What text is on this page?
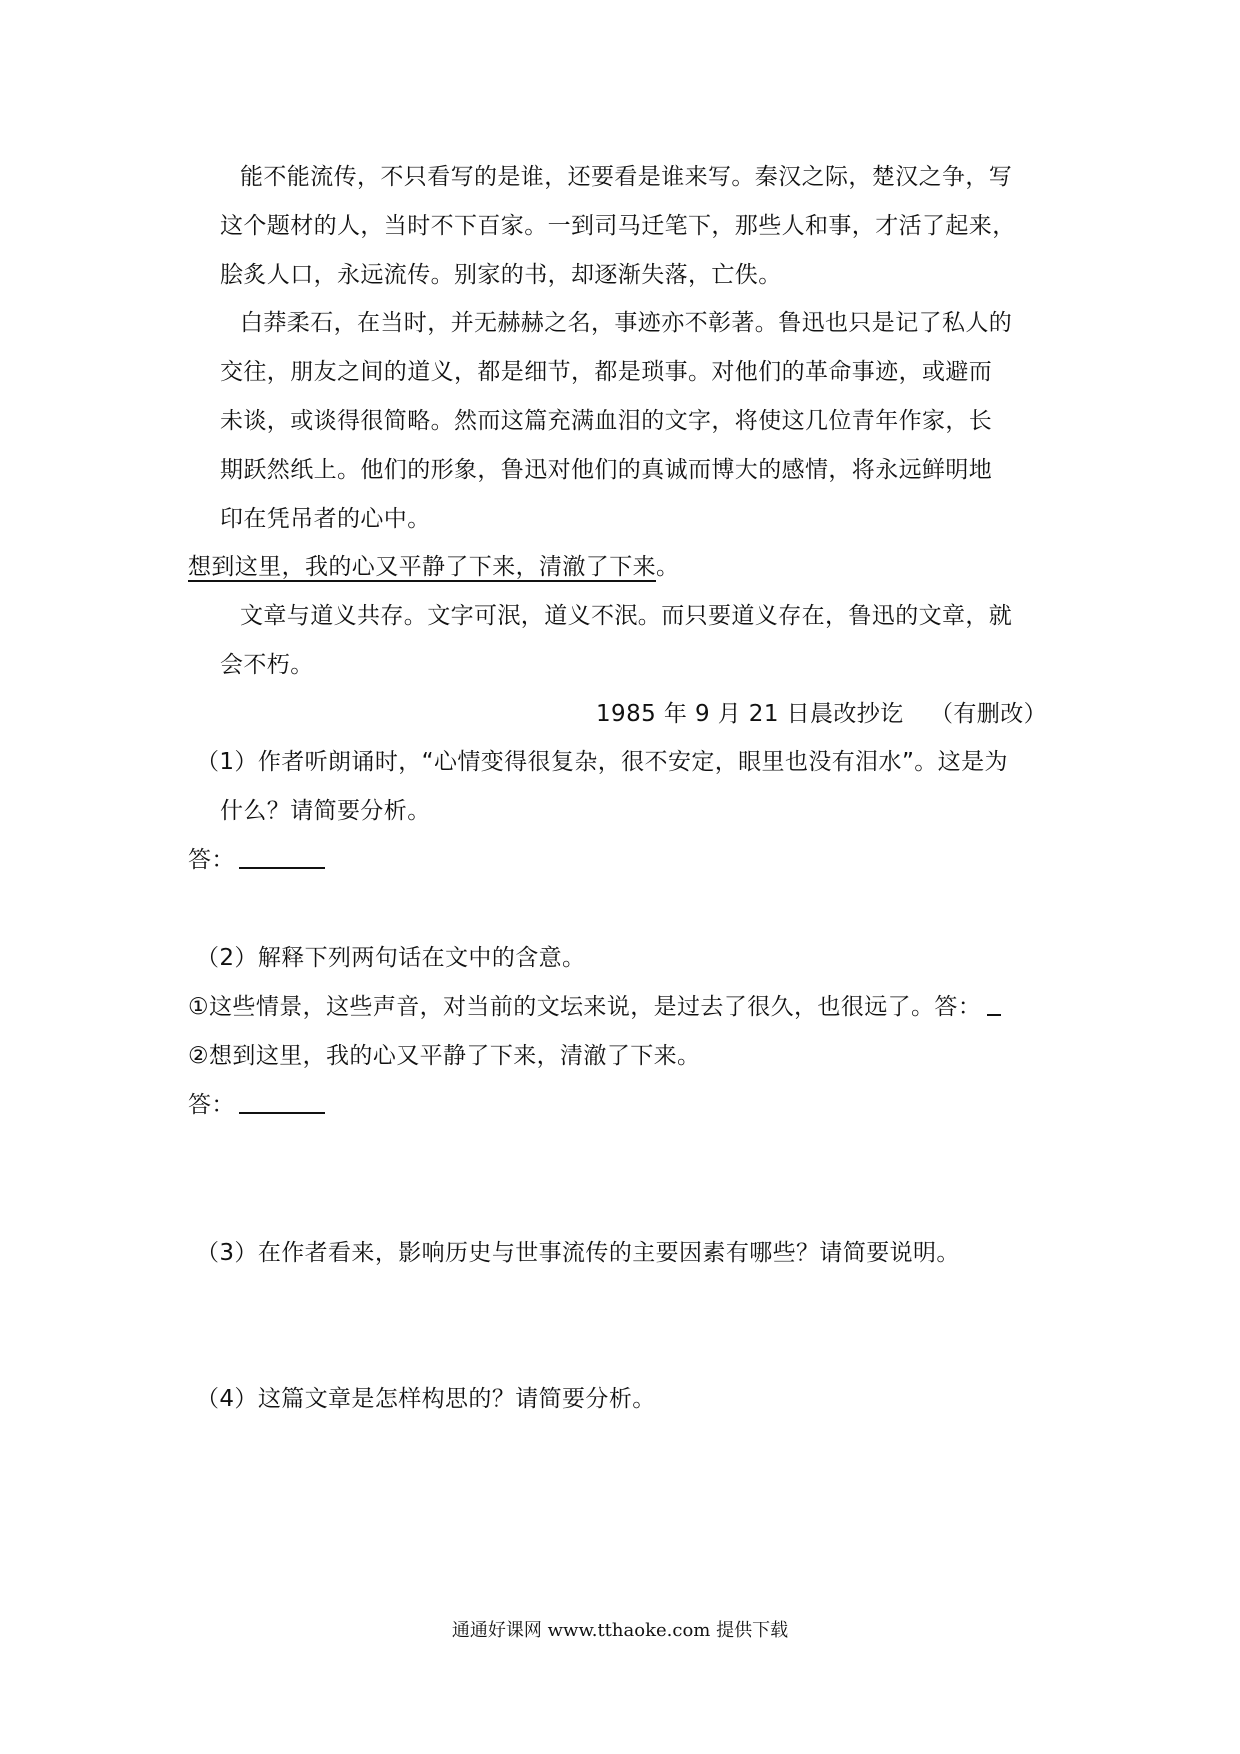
能不能流传，不只看写的是谁，还要看是谁来写。秦汉之际，楚汉之争，写
这个题材的人，当时不下百家。一到司马迁笔下，那些人和事，才活了起来，
脍炙人口，永远流传。别家的书，却逐渐失落，亡佚。
白莽柔石，在当时，并无赫赫之名，事迹亦不彰著。鲁迅也只是记了私人的
交往，朋友之间的道义，都是细节，都是琐事。对他们的革命事迹，或避而
未谈，或谈得很简略。然而这篇充满血泪的文字，将使这几位青年作家，长
期跃然纸上。他们的形象，鲁迅对他们的真诚而博大的感情，将永远鲜明地
印在凭吊者的心中。
想到这里，我的心又平静了下来，清澈了下来。
文章与道义共存。文字可泯，道义不泯。而只要道义存在，鲁迅的文章，就
会不朽。
1985 年 9 月 21 日晨改抄讫 （有删改）
（1）作者听朗诵时，“心情变得很复杂，很不安定，眼里也没有泪水”。这是为
什么？请简要分析。
答：
（2）解释下列两句话在文中的含意。
①这些情景，这些声音，对当前的文坛来说，是过去了很久，也很远了。答：
②想到这里，我的心又平静了下来，清澈了下来。
答：
（3）在作者看来，影响历史与世事流传的主要因素有哪些？请简要说明。
（4）这篇文章是怎样构思的？请简要分析。
通通好课网 www.tthaoke.com 提供下载
